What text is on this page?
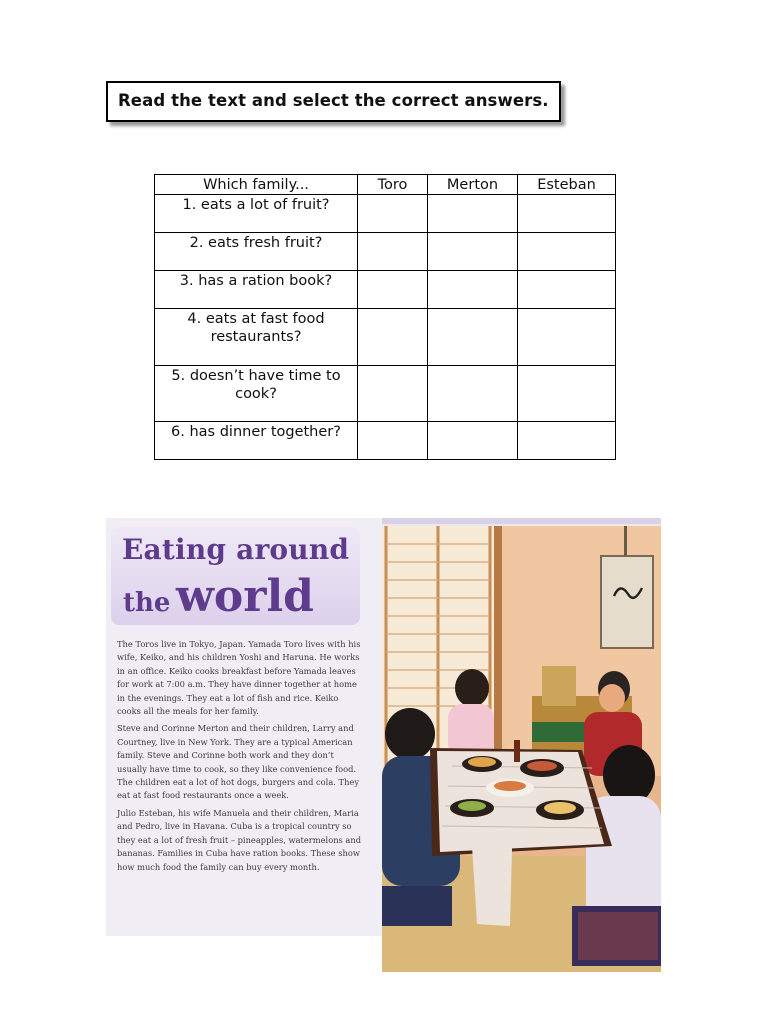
Read the text and select the correct answers.
Which family...	Toro	Merton	Esteban
1. eats a lot of fruit?			
2. eats fresh fruit?			
3. has a ration book?			
4. eats at fast food restaurants?			
5. doesn’t have time to cook?			
6. has dinner together?			
Eating around
the world

The Toros live in Tokyo, Japan. Yamada Toro lives with his wife, Keiko, and his children Yoshi and Haruna. He works in an office. Keiko cooks breakfast before Yamada leaves for work at 7:00 a.m. They have dinner together at home in the evenings. They eat a lot of fish and rice. Keiko cooks all the meals for her family.

Steve and Corinne Merton and their children, Larry and Courtney, live in New York. They are a typical American family. Steve and Corinne both work and they don’t usually have time to cook, so they like convenience food. The children eat a lot of hot dogs, burgers and cola. They eat at fast food restaurants once a week.

Julio Esteban, his wife Manuela and their children, Maria and Pedro, live in Havana. Cuba is a tropical country so they eat a lot of fresh fruit – pineapples, watermelons and bananas. Families in Cuba have ration books. These show how much food the family can buy every month.
